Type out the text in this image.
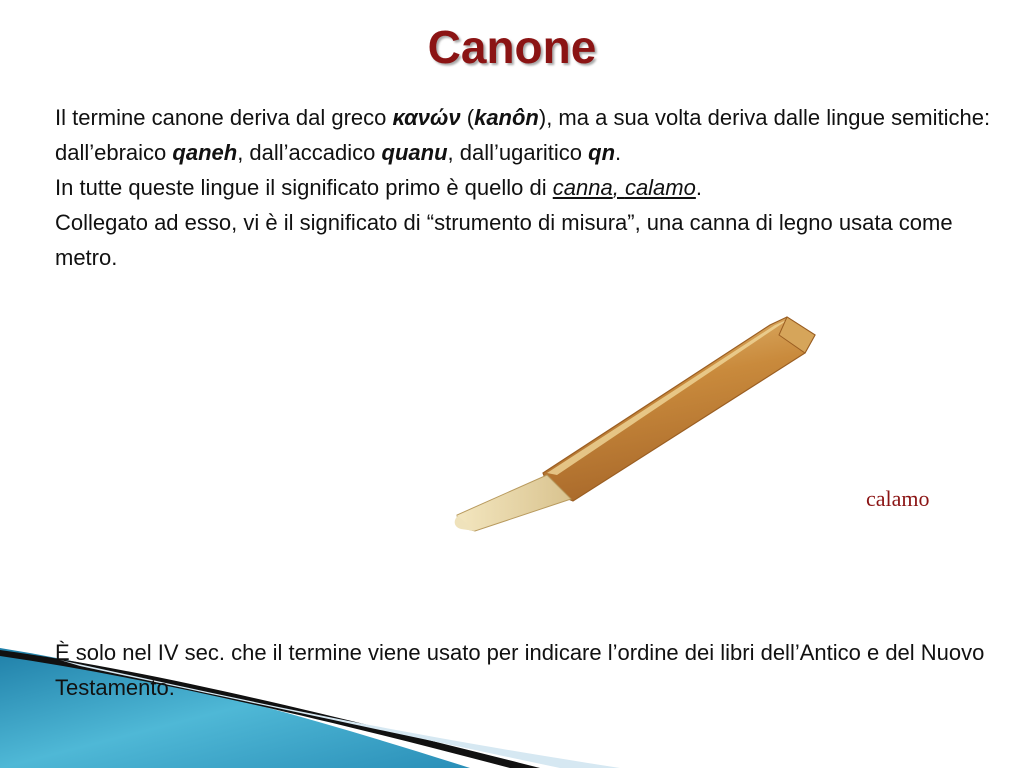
Canone

Il termine canone deriva dal greco κανών (kanôn), ma a sua volta deriva dalle lingue semitiche: dall’ebraico qaneh, dall’accadico quanu, dall’ugaritico qn.

In tutte queste lingue il significato primo è quello di canna, calamo.

Collegato ad esso, vi è il significato di “strumento di misura”, una canna di legno usata come metro.

calamo

È solo nel IV sec. che il termine viene usato per indicare l’ordine dei libri dell’Antico e del Nuovo Testamento.
